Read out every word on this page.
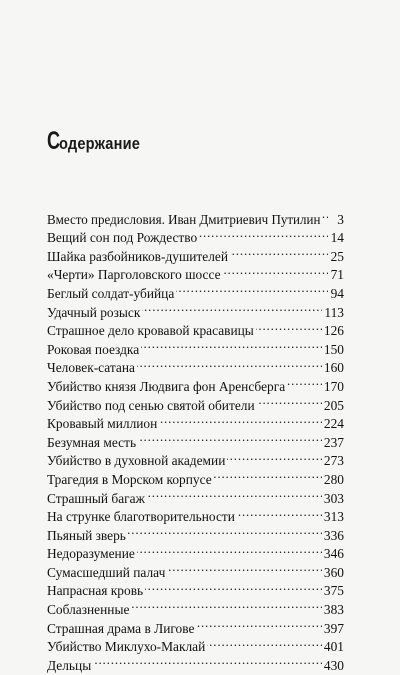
Содержание
Вместо предисловия. Иван Дмитриевич Путилин . . .	3
Вещий сон под Рождество . . .	14
Шайка разбойников-душителей . . .	25
«Черти» Парголовского шоссе . . .	71
Беглый солдат-убийца . . .	94
Удачный розыск . . .	113
Страшное дело кровавой красавицы . . .	126
Роковая поездка . . .	150
Человек-сатана . . .	160
Убийство князя Людвига фон Аренсберга . . .	170
Убийство под сенью святой обители . . .	205
Кровавый миллион . . .	224
Безумная месть . . .	237
Убийство в духовной академии . . .	273
Трагедия в Морском корпусе . . .	280
Страшный багаж . . .	303
На струнке благотворительности . . .	313
Пьяный зверь . . .	336
Недоразумение . . .	346
Сумасшедший палач . . .	360
Напрасная кровь . . .	375
Соблазненные . . .	383
Страшная драма в Лигове . . .	397
Убийство Миклухо-Маклай . . .	401
Дельцы . . .	430
